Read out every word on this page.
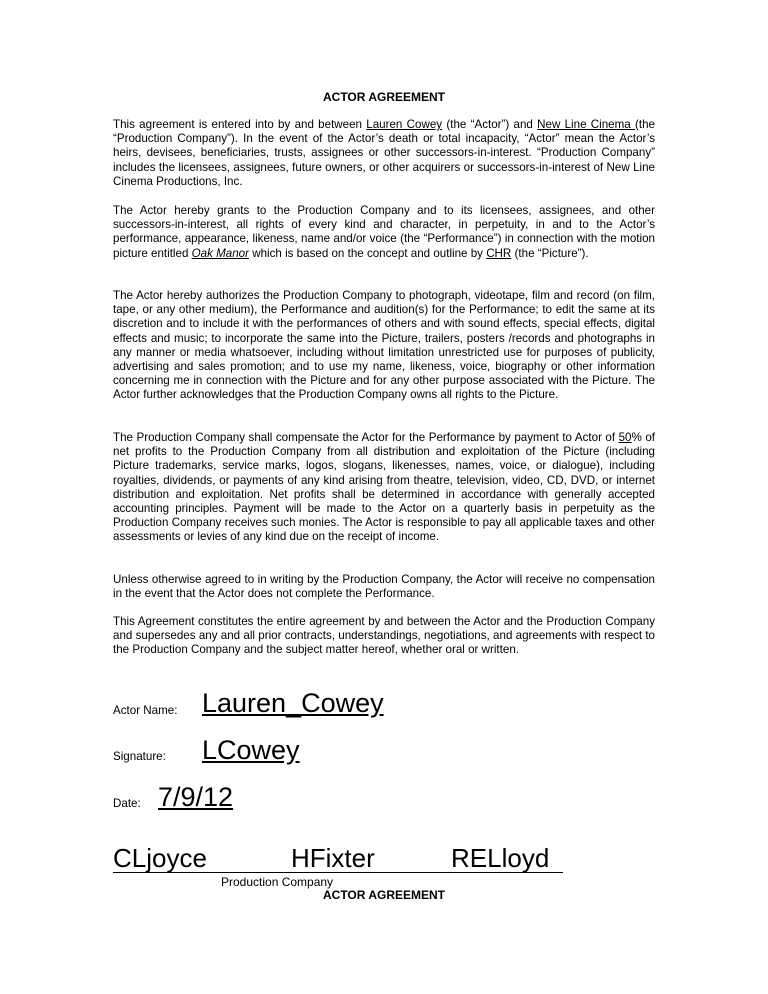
ACTOR AGREEMENT

This agreement is entered into by and between Lauren Cowey (the “Actor”) and New Line Cinema (the “Production Company”). In the event of the Actor’s death or total incapacity, “Actor” mean the Actor’s heirs, devisees, beneficiaries, trusts, assignees or other successors-in-interest. “Production Company” includes the licensees, assignees, future owners, or other acquirers or successors-in-interest of New Line Cinema Productions, Inc.

The Actor hereby grants to the Production Company and to its licensees, assignees, and other successors-in-interest, all rights of every kind and character, in perpetuity, in and to the Actor’s performance, appearance, likeness, name and/or voice (the “Performance”) in connection with the motion picture entitled Oak Manor which is based on the concept and outline by CHR (the “Picture”).

The Actor hereby authorizes the Production Company to photograph, videotape, film and record (on film, tape, or any other medium), the Performance and audition(s) for the Performance; to edit the same at its discretion and to include it with the performances of others and with sound effects, special effects, digital effects and music; to incorporate the same into the Picture, trailers, posters /records and photographs in any manner or media whatsoever, including without limitation unrestricted use for purposes of publicity, advertising and sales promotion; and to use my name, likeness, voice, biography or other information concerning me in connection with the Picture and for any other purpose associated with the Picture. The Actor further acknowledges that the Production Company owns all rights to the Picture.

The Production Company shall compensate the Actor for the Performance by payment to Actor of 50% of net profits to the Production Company from all distribution and exploitation of the Picture (including Picture trademarks, service marks, logos, slogans, likenesses, names, voice, or dialogue), including royalties, dividends, or payments of any kind arising from theatre, television, video, CD, DVD, or internet distribution and exploitation. Net profits shall be determined in accordance with generally accepted accounting principles. Payment will be made to the Actor on a quarterly basis in perpetuity as the Production Company receives such monies. The Actor is responsible to pay all applicable taxes and other assessments or levies of any kind due on the receipt of income.

Unless otherwise agreed to in writing by the Production Company, the Actor will receive no compensation in the event that the Actor does not complete the Performance.

This Agreement constitutes the entire agreement by and between the Actor and the Production Company and supersedes any and all prior contracts, understandings, negotiations, and agreements with respect to the Production Company and the subject matter hereof, whether oral or written.

Actor Name: Lauren_Cowey
Signature: LCowey
Date: 7/9/12
CLjoyce	HFixter	RELloyd
Production Company
ACTOR AGREEMENT
